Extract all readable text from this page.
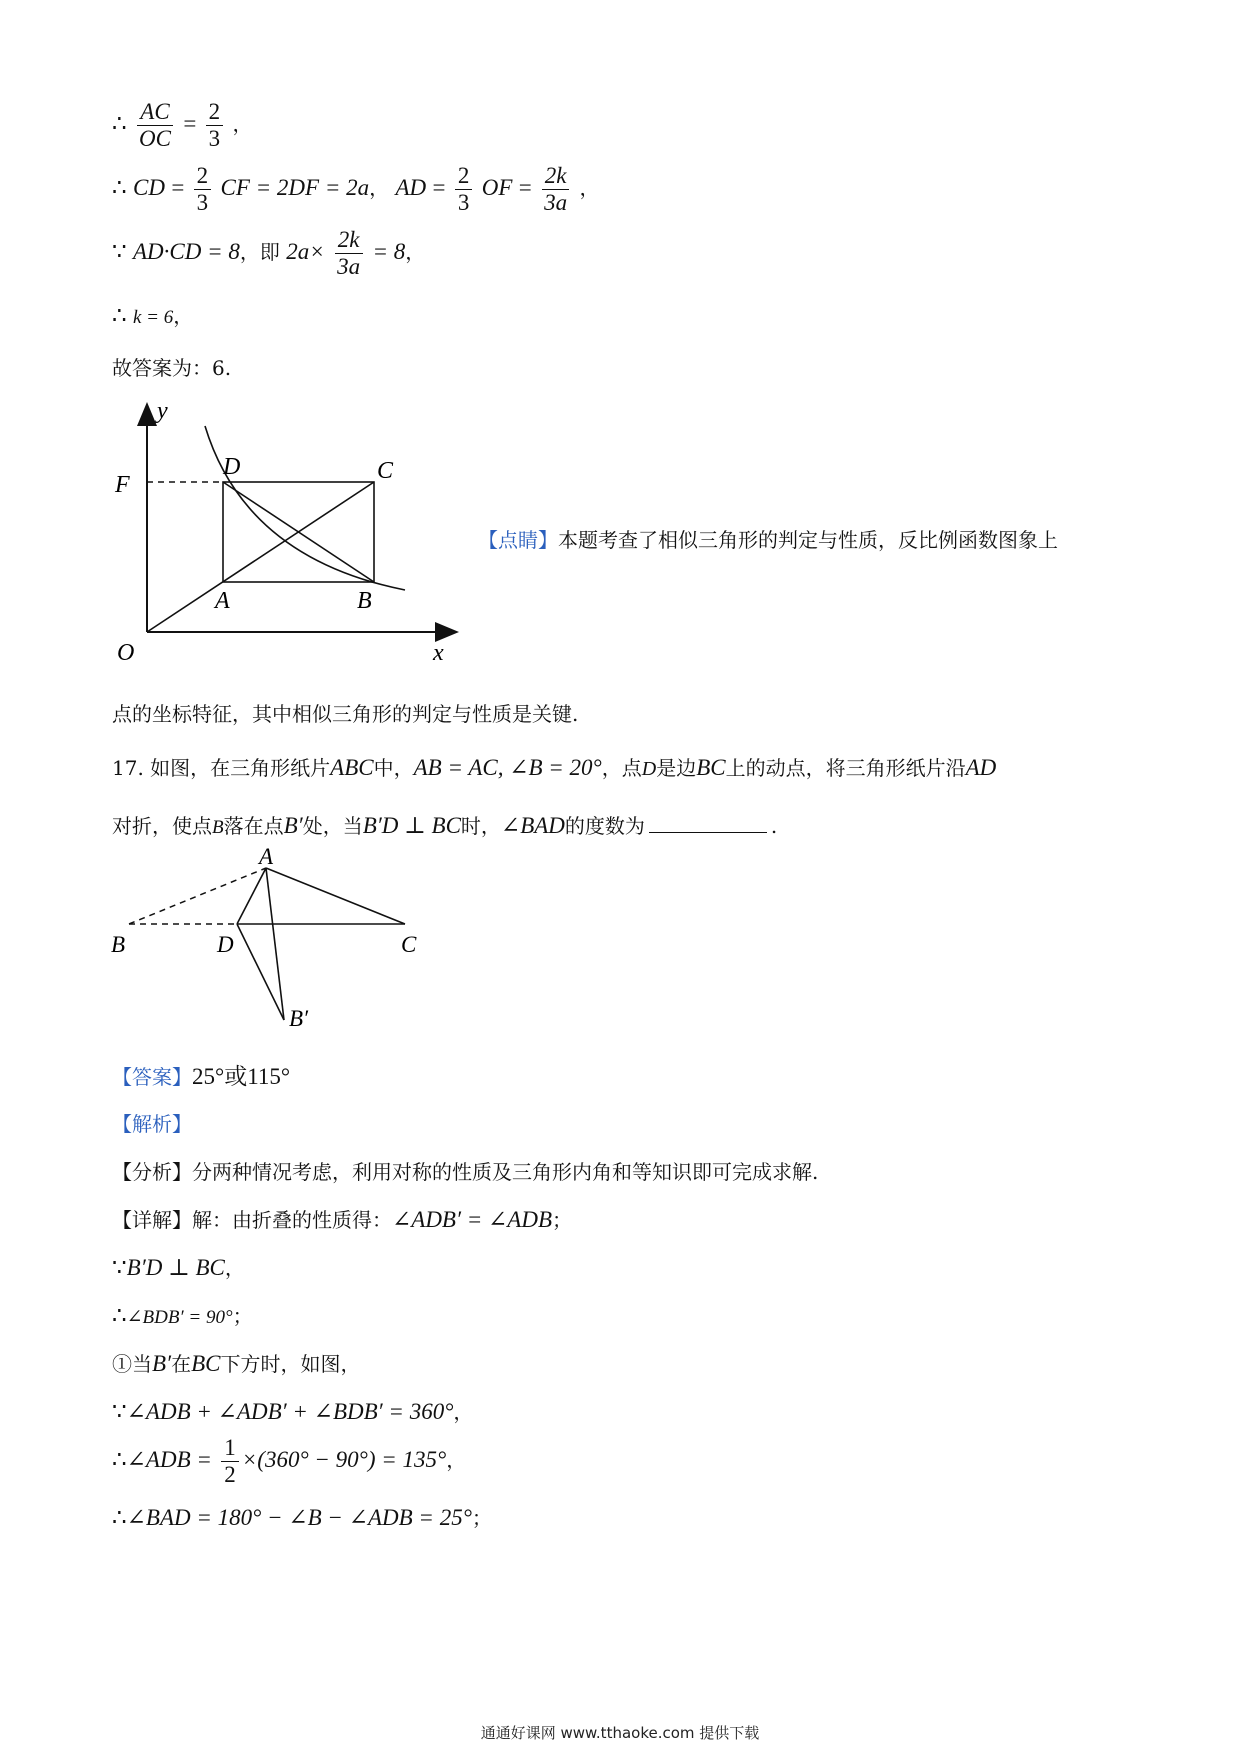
∴ $\frac{AC}{OC} = \frac{2}{3}$ ，
∴ CD = $\frac{2}{3}$ CF = 2DF = 2a， AD = $\frac{2}{3}$ OF = $\frac{2k}{3a}$ ，
∵ AD·CD = 8，即 $2a\times \frac{2k}{3a} = 8$，
∴ k = 6，
故答案为：6.
y
x
O
F
D	C
A	B
【点睛】本题考查了相似三角形的判定与性质，反比例函数图象上
点的坐标特征，其中相似三角形的判定与性质是关键.
17. 如图，在三角形纸片ABC中，AB = AC, ∠B = 20°，点D是边BC上的动点，将三角形纸片沿AD
对折，使点B落在点B′处，当B′D ⊥ BC时，∠BAD的度数为	.
A
B	D	C
B′
【答案】25°或115°
【解析】
【分析】分两种情况考虑，利用对称的性质及三角形内角和等知识即可完成求解.
【详解】解：由折叠的性质得：∠ADB′ = ∠ADB；
∵B′D ⊥ BC，
∴∠BDB′ = 90°；
①当B′在BC下方时，如图，
∵∠ADB + ∠ADB′ + ∠BDB′ = 360°，
∴∠ADB = $\frac{1}{2} \times(360^\circ - 90^\circ) = 135^\circ$，
∴∠BAD = 180° − ∠B − ∠ADB = 25°；
通通好课网 www.tthaoke.com 提供下载
